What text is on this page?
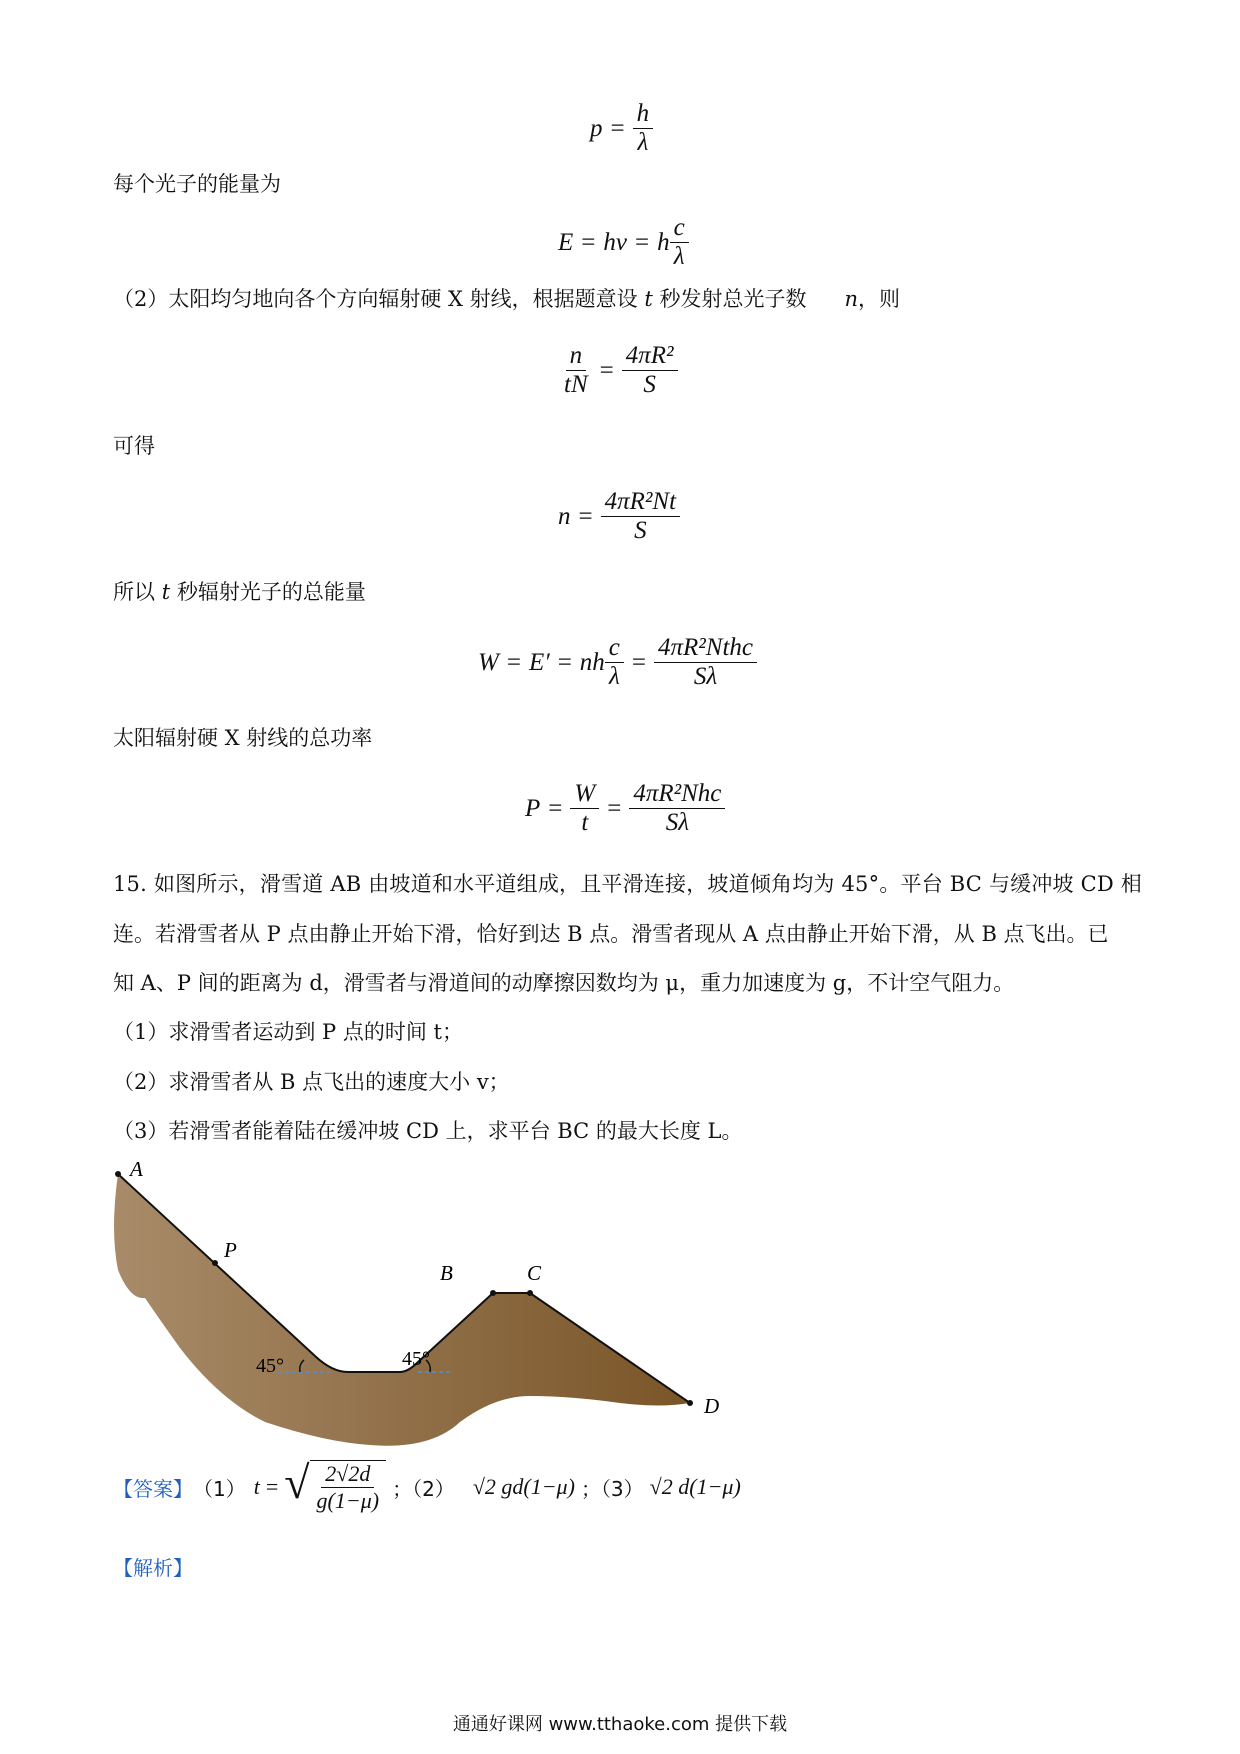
$p = \frac{h}{\lambda}$
每个光子的能量为
E = hν = h $\frac{c}{\lambda}$
（2）太阳均匀地向各个方向辐射硬 X 射线，根据题意设 t 秒发射总光子数 n，则
$\frac{n}{tN} = \frac{\text{4πR²}}{S}$
可得
$n = \frac{\text{4πR²Nt}}{S}$
所以 t 秒辐射光子的总能量
W = E′ = nh $\frac{c}{\lambda} = \frac{\text{4πR²Nthc}}{S\lambda}$
太阳辐射硬 X 射线的总功率
$P = \frac{W}{t} = \frac{\text{4πR²Nhc}}{S\lambda}$
15. 如图所示，滑雪道 AB 由坡道和水平道组成，且平滑连接，坡道倾角均为 45°。平台 BC 与缓冲坡 CD 相
连。若滑雪者从 P 点由静止开始下滑，恰好到达 B 点。滑雪者现从 A 点由静止开始下滑，从 B 点飞出。已
知 A、P 间的距离为 d，滑雪者与滑道间的动摩擦因数均为 μ，重力加速度为 g，不计空气阻力。
（1）求滑雪者运动到 P 点的时间 t；
（2）求滑雪者从 B 点飞出的速度大小 v；
（3）若滑雪者能着陆在缓冲坡 CD 上，求平台 BC 的最大长度 L。
A
P
B	C
D
45°	45°
【答案】 （1） t = √ $\frac{2√2d}{g(1-\mu)}$ ；（2） √2 gd(1−μ) ；（3） √2 d(1−μ)
【解析】
通通好课网 www.tthaoke.com 提供下载
